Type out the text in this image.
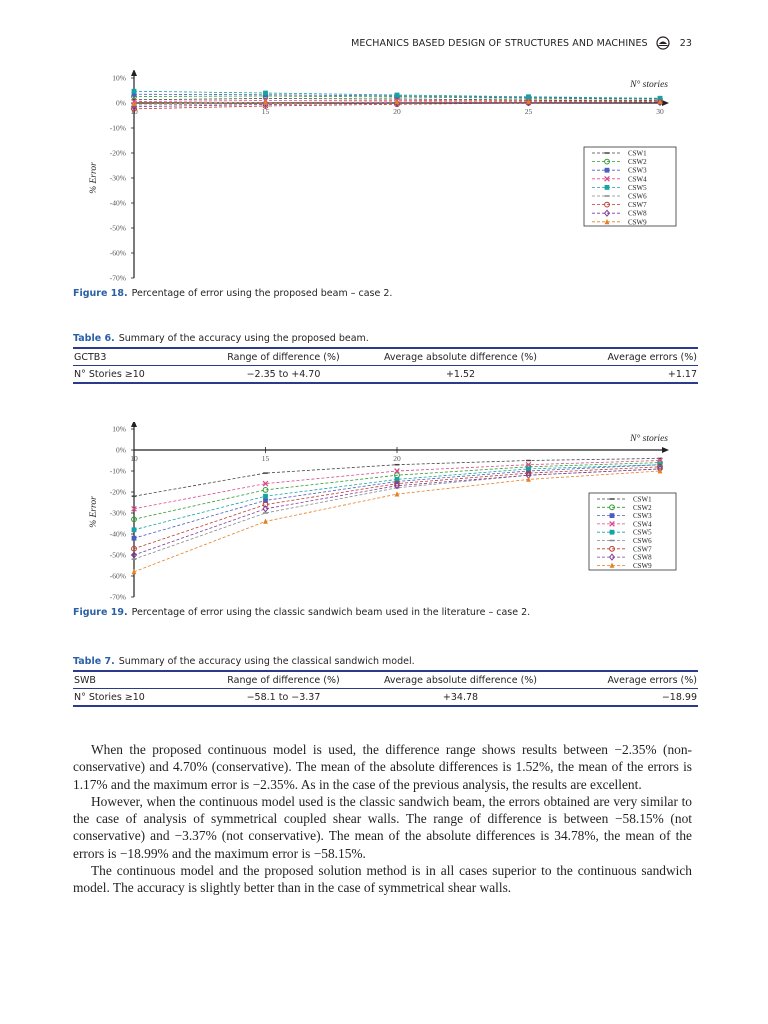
MECHANICS BASED DESIGN OF STRUCTURES AND MACHINES	23
10%
0%
-10%
-20%
-30%
-40%
-50%
-60%
-70%
10	15	20	25	30
N° stories
% Error
CSW1
CSW2
CSW3
CSW4
CSW5
CSW6
CSW7
CSW8
CSW9
Figure 18. Percentage of error using the proposed beam – case 2.
Table 6. Summary of the accuracy using the proposed beam.
GCTB3	Range of difference (%)	Average absolute difference (%)	Average errors (%)
N° Stories ≥10	−2.35 to +4.70	+1.52	+1.17
10%
0%
-10%
-20%
-30%
-40%
-50%
-60%
-70%
10	15	20
N° stories
% Error	CSW1
CSW2
CSW3
CSW4
CSW5
CSW6
CSW7
CSW8
CSW9
Figure 19. Percentage of error using the classic sandwich beam used in the literature – case 2.
Table 7. Summary of the accuracy using the classical sandwich model.
SWB	Range of difference (%)	Average absolute difference (%)	Average errors (%)
N° Stories ≥10	−58.1 to −3.37	+34.78	−18.99

When the proposed continuous model is used, the difference range shows results between −2.35% (non-conservative) and 4.70% (conservative). The mean of the absolute differences is 1.52%, the mean of the errors is 1.17% and the maximum error is −2.35%. As in the case of the previous analysis, the results are excellent.

However, when the continuous model used is the classic sandwich beam, the errors obtained are very similar to the case of analysis of symmetrical coupled shear walls. The range of difference is between −58.15% (not conservative) and −3.37% (not conservative). The mean of the absolute differences is 34.78%, the mean of the errors is −18.99% and the maximum error is −58.15%.

The continuous model and the proposed solution method is in all cases superior to the continuous sandwich model. The accuracy is slightly better than in the case of symmetrical shear walls.
